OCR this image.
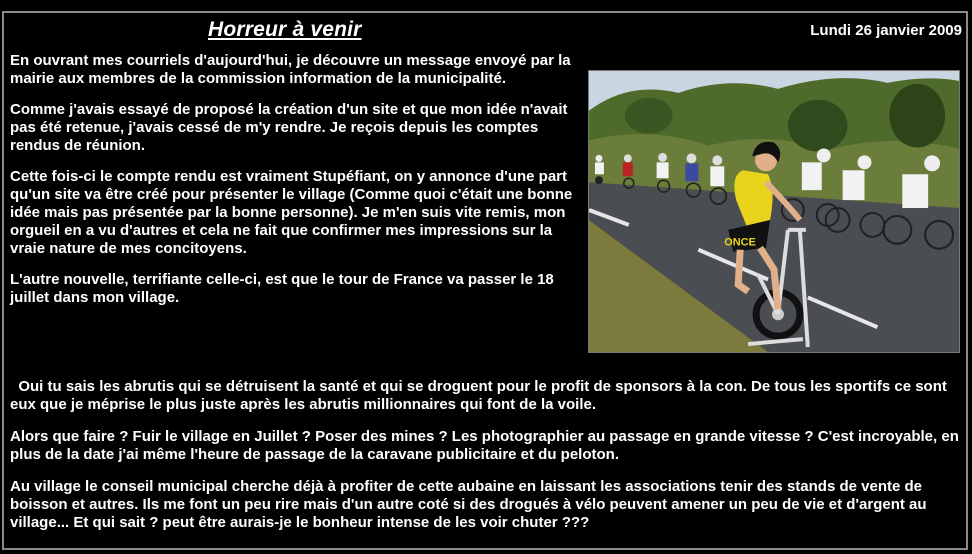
Horreur à venir	Lundi 26 janvier 2009

En ouvrant mes courriels d'aujourd'hui, je découvre un message envoyé par la mairie aux membres de la commission information de la municipalité.

Comme j'avais essayé de proposé la création d'un site et que mon idée n'avait pas été retenue, j'avais cessé de m'y rendre. Je reçois depuis les comptes rendus de réunion.

Cette fois-ci le compte rendu est vraiment Stupéfiant, on y annonce d'une part qu'un site va être créé pour présenter le village (Comme quoi c'était une bonne idée mais pas présentée par la bonne personne). Je m'en suis vite remis, mon orgueil en a vu d'autres et cela ne fait que confirmer mes impressions sur la vraie nature de mes concitoyens.

L'autre nouvelle, terrifiante celle-ci, est que le tour de France va passer le 18 juillet dans mon village.

ONCE

Oui tu sais les abrutis qui se détruisent la santé et qui se droguent pour le profit de sponsors à la con. De tous les sportifs ce sont eux que je méprise le plus juste après les abrutis millionnaires qui font de la voile.

Alors que faire ? Fuir le village en Juillet ? Poser des mines ? Les photographier au passage en grande vitesse ? C'est incroyable, en plus de la date j'ai même l'heure de passage de la caravane publicitaire et du peloton.

Au village le conseil municipal cherche déjà à profiter de cette aubaine en laissant les associations tenir des stands de vente de boisson et autres. Ils me font un peu rire mais d'un autre coté si des drogués à vélo peuvent amener un peu de vie et d'argent au village... Et qui sait ? peut être aurais-je le bonheur intense de les voir chuter ???
